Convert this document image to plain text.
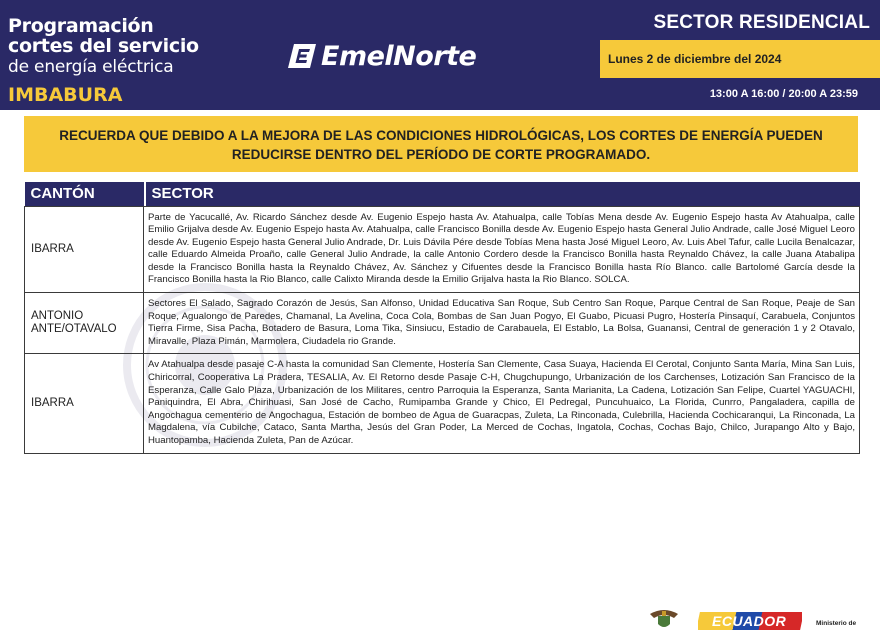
Programación
cortes del servicio
de energía eléctrica
IMBABURA
EmelNorte
SECTOR RESIDENCIAL
Lunes 2 de diciembre del 2024
13:00 A 16:00 / 20:00 A 23:59
RECUERDA QUE DEBIDO A LA MEJORA DE LAS CONDICIONES HIDROLÓGICAS, LOS CORTES DE ENERGÍA PUEDEN REDUCIRSE DENTRO DEL PERÍODO DE CORTE PROGRAMADO.
CANTÓN		SECTOR
IBARRA	Parte de Yacucallé, Av. Ricardo Sánchez desde Av. Eugenio Espejo hasta Av. Atahualpa, calle Tobías Mena desde Av. Eugenio Espejo hasta Av Atahualpa, calle Emilio Grijalva desde Av. Eugenio Espejo hasta Av. Atahualpa, calle Francisco Bonilla desde Av. Eugenio Espejo hasta General Julio Andrade, calle José Miguel Leoro desde Av. Eugenio Espejo hasta General Julio Andrade, Dr. Luis Dávila Pére desde Tobías Mena hasta José Miguel Leoro, Av. Luis Abel Tafur, calle Lucila Benalcazar, calle Eduardo Almeida Proaño, calle General Julio Andrade, la calle Antonio Cordero desde la Francisco Bonilla hasta Reynaldo Chávez, la calle Juana Atabalipa desde la Francisco Bonilla hasta la Reynaldo Chávez, Av. Sánchez y Cifuentes desde la Francisco Bonilla hasta Río Blanco. calle Bartolomé García desde la Francisco Bonilla hasta la Rio Blanco, calle Calixto Miranda desde la Emilio Grijalva hasta la Rio Blanco. SOLCA.	
ANTONIO ANTE/OTAVALO	Sectores El Salado, Sagrado Corazón de Jesús, San Alfonso, Unidad Educativa San Roque, Sub Centro San Roque, Parque Central de San Roque, Peaje de San Roque, Agualongo de Paredes, Chamanal, La Avelina, Coca Cola, Bombas de San Juan Pogyo, El Guabo, Picuasi Pugro, Hostería Pinsaquí, Carabuela, Conjuntos Tierra Firme, Sisa Pacha, Botadero de Basura, Loma Tika, Sinsiucu, Estadio de Carabauela, El Establo, La Bolsa, Guanansi, Central de generación 1 y 2 Otavalo, Miravalle, Plaza Pimán, Marmolera, Ciudadela rio Grande.	
IBARRA	Av Atahualpa desde pasaje C-A hasta la comunidad San Clemente, Hostería San Clemente, Casa Suaya, Hacienda El Cerotal, Conjunto Santa María, Mina San Luis, Chiricorral, Cooperativa La Pradera, TESALIA, Av. El Retorno desde Pasaje C-H, Chugchupungo, Urbanización de los Carchenses, Lotización San Francisco de la Esperanza, Calle Galo Plaza, Urbanización de los Militares, centro Parroquia la Esperanza, Santa Marianita, La Cadena, Lotización San Felipe, Cuartel YAGUACHI, Paniquindra, El Abra, Chirihuasi, San José de Cacho, Rumipamba Grande y Chico, El Pedregal, Puncuhuaico, La Florida, Cunrro, Pangaladera, capilla de Angochagua cementerio de Angochagua, Estación de bombeo de Agua de Guaracpas, Zuleta, La Rinconada, Culebrilla, Hacienda Cochicaranqui, La Rinconada, La Magdalena, vía Cubilche, Cataco, Santa Martha, Jesús del Gran Poder, La Merced de Cochas, Ingatola, Cochas, Cochas Bajo, Chilco, Jurapango Alto y Bajo, Huantopamba, Hacienda Zuleta, Pan de Azúcar.	
ECUADOR	Ministerio de
